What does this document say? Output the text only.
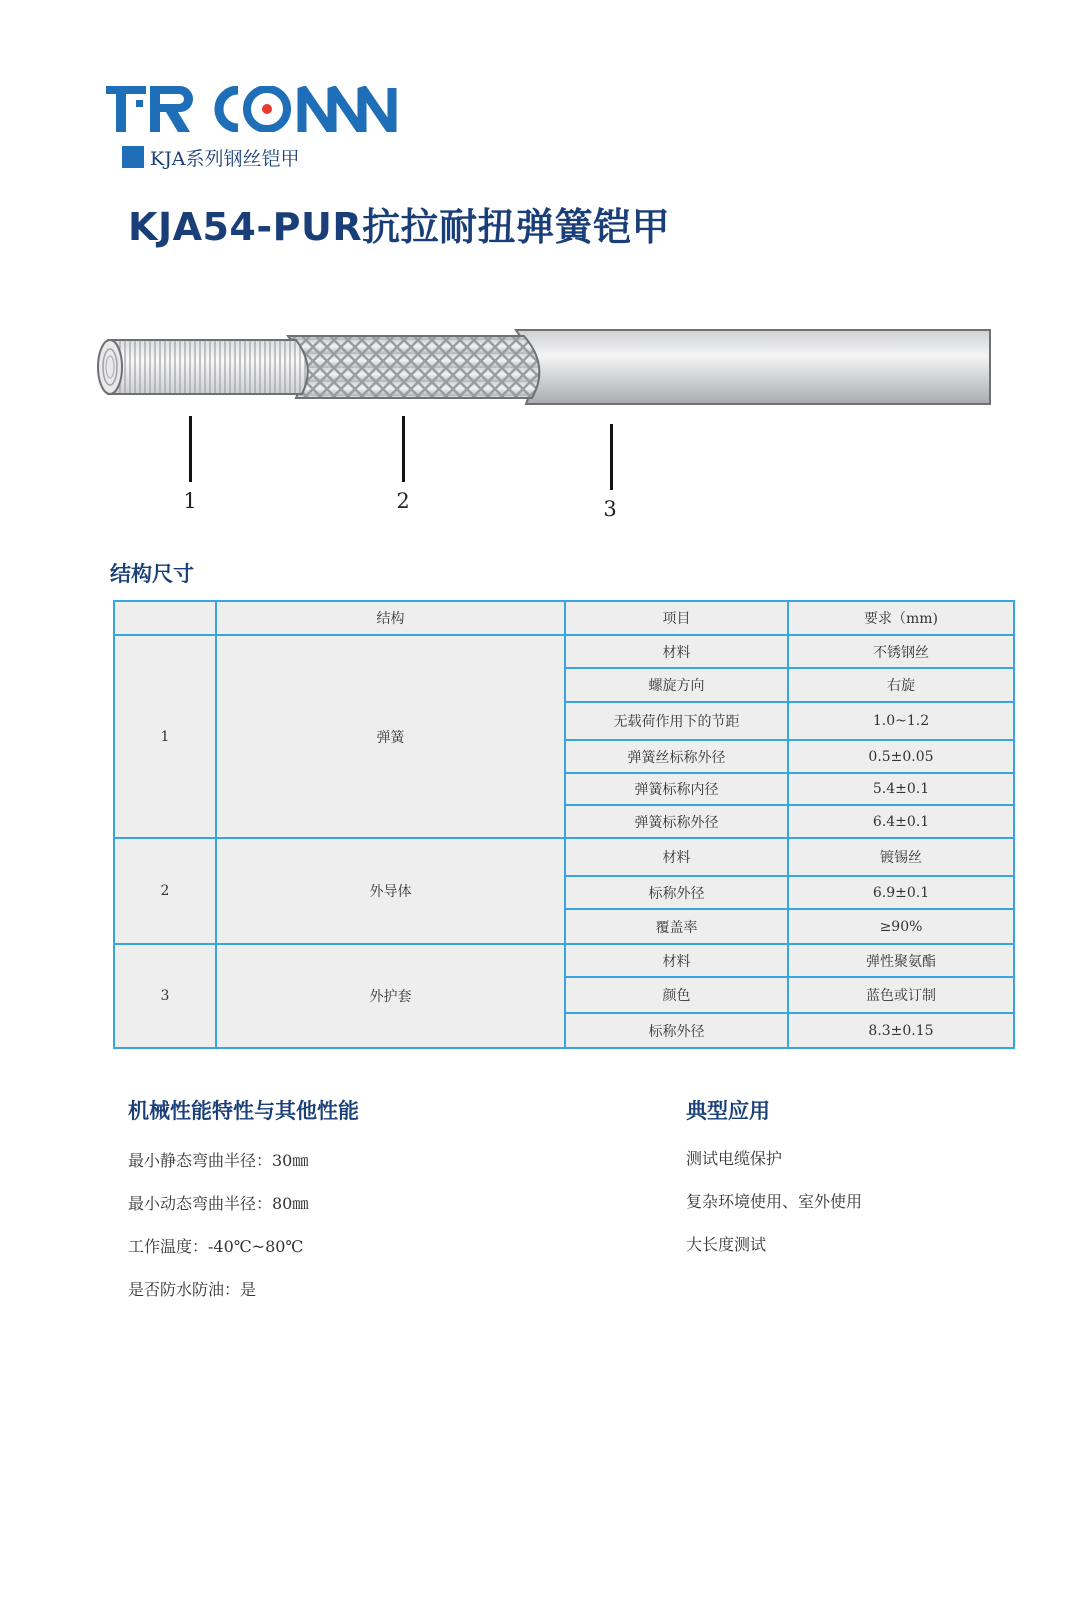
KJA系列钢丝铠甲
KJA54-PUR抗拉耐扭弹簧铠甲
1	2	3
结构尺寸
	结构	项目	要求（mm)
1	弹簧	材料	不锈钢丝
		螺旋方向	右旋
		无载荷作用下的节距	1.0~1.2
		弹簧丝标称外径	0.5±0.05
		弹簧标称内径	5.4±0.1
		弹簧标称外径	6.4±0.1
2	外导体	材料	镀锡丝
		标称外径	6.9±0.1
		覆盖率	≥90%
3	外护套	材料	弹性聚氨酯
		颜色	蓝色或订制
		标称外径	8.3±0.15
机械性能特性与其他性能

最小静态弯曲半径：30㎜

最小动态弯曲半径：80㎜

工作温度：-40℃~80℃

是否防水防油：是

典型应用

测试电缆保护

复杂环境使用、室外使用

大长度测试
